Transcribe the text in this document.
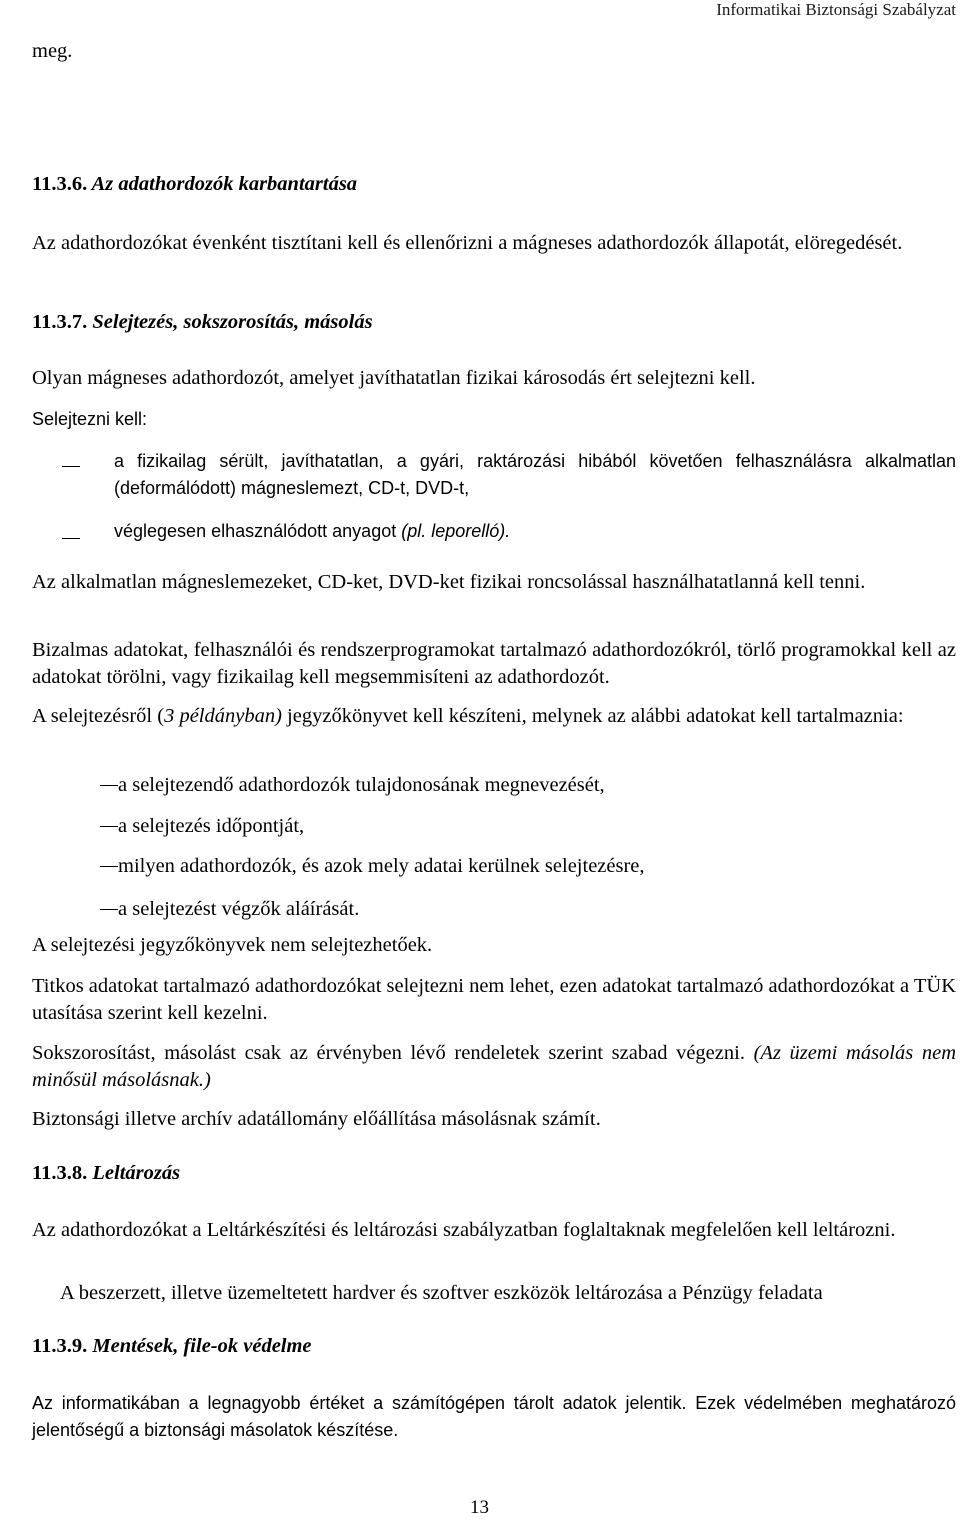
Informatikai Biztonsági Szabályzat
meg.
11.3.6. Az adathordozók karbantartása

Az adathordozókat évenként tisztítani kell és ellenőrizni a mágneses adathordozók állapotát, elöregedését.

11.3.7. Selejtezés, sokszorosítás, másolás

Olyan mágneses adathordozót, amelyet javíthatatlan fizikai károsodás ért selejtezni kell.

Selejtezni kell:

a fizikailag sérült, javíthatatlan, a gyári, raktározási hibából követően felhasználásra alkalmatlan (deformálódott) mágneslemezt, CD-t, DVD-t,

véglegesen elhasználódott anyagot (pl. leporelló).

Az alkalmatlan mágneslemezeket, CD-ket, DVD-ket fizikai roncsolással használhatatlanná kell tenni.

Bizalmas adatokat, felhasználói és rendszerprogramokat tartalmazó adathordozókról, törlő programokkal kell az adatokat törölni, vagy fizikailag kell megsemmisíteni az adathordozót.

A selejtezésről (3 példányban) jegyzőkönyvet kell készíteni, melynek az alábbi adatokat kell tartalmaznia:

a selejtezendő adathordozók tulajdonosának megnevezését,

a selejtezés időpontját,

milyen adathordozók, és azok mely adatai kerülnek selejtezésre,

a selejtezést végzők aláírását.

A selejtezési jegyzőkönyvek nem selejtezhetőek.

Titkos adatokat tartalmazó adathordozókat selejtezni nem lehet, ezen adatokat tartalmazó adathordozókat a TÜK utasítása szerint kell kezelni.

Sokszorosítást, másolást csak az érvényben lévő rendeletek szerint szabad végezni. (Az üzemi másolás nem minősül másolásnak.)

Biztonsági illetve archív adatállomány előállítása másolásnak számít.

11.3.8. Leltározás

Az adathordozókat a Leltárkészítési és leltározási szabályzatban foglaltaknak megfelelően kell leltározni.

A beszerzett, illetve üzemeltetett hardver és szoftver eszközök leltározása a Pénzügy feladata

11.3.9. Mentések, file-ok védelme

Az informatikában a legnagyobb értéket a számítógépen tárolt adatok jelentik. Ezek védelmében meghatározó jelentőségű a biztonsági másolatok készítése.

13
